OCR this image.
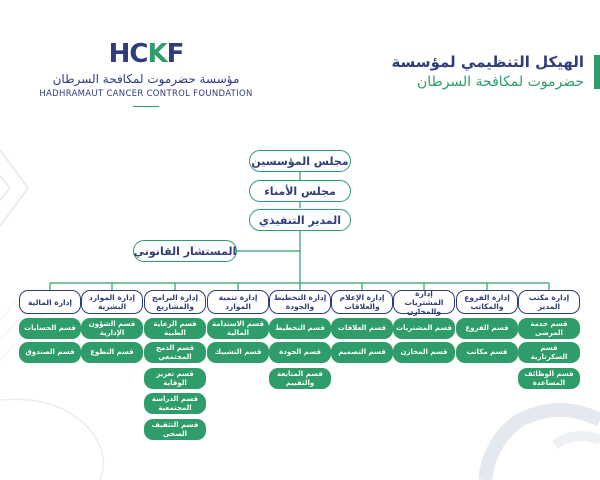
الهيكل التنظيمي لمؤسسة
حضرموت لمكافحة السرطان
HCKF
مؤسسة حضرموت لمكافحة السرطان
HADHRAMAUT CANCER CONTROL FOUNDATION
مجلس المؤسسين
مجلس الأمناء
المدير التنفيذي
المستشار القانوني
إدارة مكتب المدير
إدارة الفروع والمكاتب
إدارة المشتريات والمخازن
إدارة الإعلام والعلاقات
إدارة التخطيط والجودة
إدارة تنمية الموارد
إدارة البرامج والمشاريع
إدارة الموارد البشرية
إدارة المالية
قسم خدمة المرضى
قسم السكرتارية
قسم الوظائف المساعدة
قسم الفروع
قسم مكاتب
قسم المشتريات
قسم المخازن
قسم العلاقات
قسم التصميم
قسم التخطيط
قسم الجودة
قسم المتابعة والتقييم
قسم الاستدامة المالية
قسم التشبيك
قسم الرعاية الطبية
قسم الدمج المجتمعي
قسم تعزيز الوقاية
قسم الدراسة المجتمعية
قسم التثقيف الصحي
قسم الشؤون الإدارية
قسم التطوع
قسم الحسابات
قسم الصندوق
